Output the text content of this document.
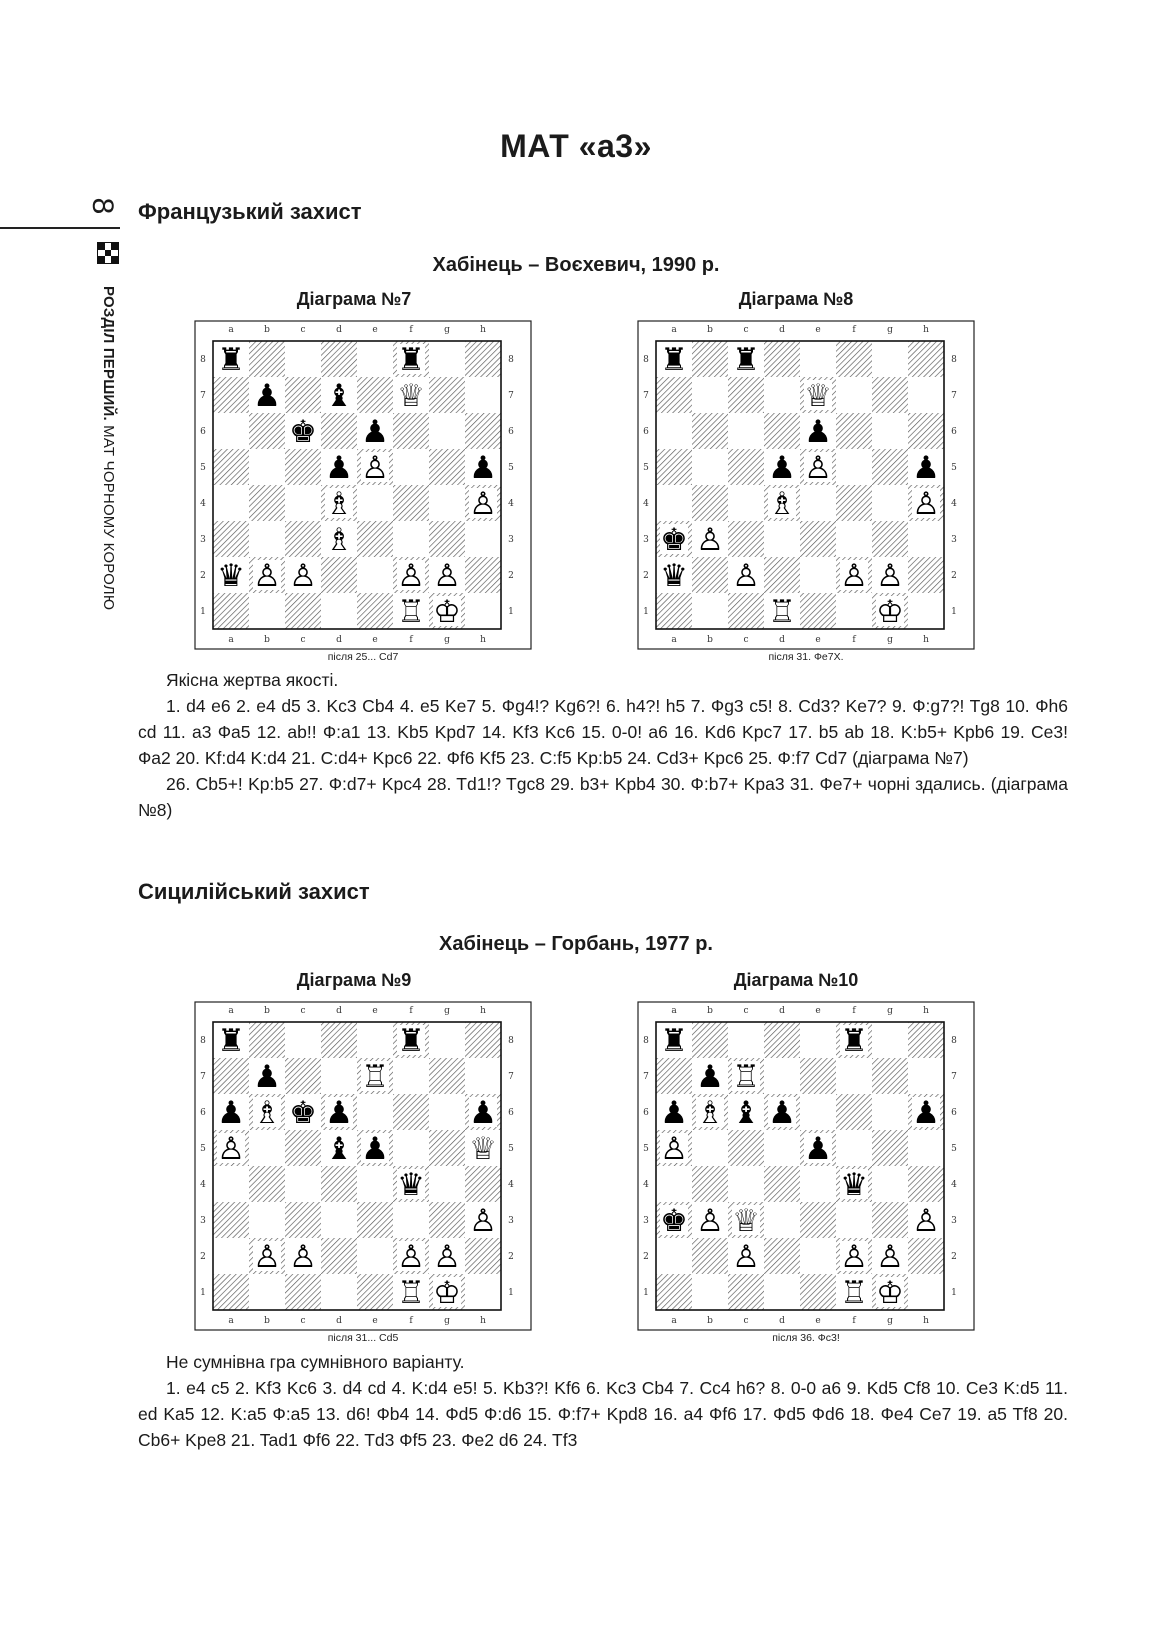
МАТ «a3»
8
РОЗДІЛ ПЕРШИЙ. МАТ ЧОРНОМУ КОРОЛЮ
Французький захист
Хабінець – Воєхевич, 1990 р.
Діаграма №7	Діаграма №8
a
a
b
b
c
c
d
d
e
e
f
f
g
g
h
h
8	8
7	7
6	6
5	5
4	4
3	3
2	2
1	1
♜	♜
♟ ♝ ♕
♚ ♟
♟ ♙	♟
♗	♙
♗
♛ ♙ ♙	♙ ♙
♖ ♔
після 25... Cd7
a
a
b
b
c
c
d
d
e
e
f
f
g
g
h
h
8	8
7	7
6	6
5	5
4	4
3	3
2	2
1	1
♜ ♜
♕
♟
♟ ♙	♟
♗	♙
♚ ♙
♛ ♙	♙ ♙
♖	♔
після 31. Фe7X.

Якісна жертва якості.

1. d4 e6 2. e4 d5 3. Kc3 Cb4 4. e5 Ke7 5. Фg4!? Kg6?! 6. h4?! h5 7. Фg3 c5! 8. Cd3? Ke7? 9. Ф:g7?! Tg8 10. Фh6 cd 11. a3 Фa5 12. ab!! Ф:a1 13. Kb5 Kpd7 14. Kf3 Kc6 15. 0-0! a6 16. Kd6 Kpc7 17. b5 ab 18. K:b5+ Kpb6 19. Ce3! Фa2 20. Kf:d4 K:d4 21. C:d4+ Kpc6 22. Фf6 Kf5 23. C:f5 Kp:b5 24. Cd3+ Kpc6 25. Ф:f7 Cd7 (діаграма №7)

26. Cb5+! Kp:b5 27. Ф:d7+ Kpc4 28. Td1!? Tgc8 29. b3+ Kpb4 30. Ф:b7+ Kpa3 31. Фe7+ чорні здались. (діаграма №8)

Сицилійський захист
Хабінець – Горбань, 1977 р.
Діаграма №9	Діаграма №10
a
a
b
b
c
c
d
d
e
e
f
f
g
g
h
h
8	8
7	7
6	6
5	5
4	4
3	3
2	2
1	1
♜	♜
♟	♖
♟ ♗ ♚ ♟	♟
♙	♝ ♟	♕
♛
♙
♙ ♙	♙ ♙
♖ ♔
після 31... Cd5
a
a
b
b
c
c
d
d
e
e
f
f
g
g
h
h
8	8
7	7
6	6
5	5
4	4
3	3
2	2
1	1
♜	♜
♟ ♖
♟ ♗ ♝ ♟	♟
♙	♟
♛
♚ ♙ ♕	♙
♙	♙ ♙
♖ ♔
після 36. Фc3!

Не сумнівна гра сумнівного варіанту.

1. e4 c5 2. Kf3 Kc6 3. d4 cd 4. K:d4 e5! 5. Kb3?! Kf6 6. Kc3 Cb4 7. Cc4 h6? 8. 0-0 a6 9. Kd5 Cf8 10. Ce3 K:d5 11. ed Ka5 12. K:a5 Ф:a5 13. d6! Фb4 14. Фd5 Ф:d6 15. Ф:f7+ Kpd8 16. a4 Фf6 17. Фd5 Фd6 18. Фe4 Ce7 19. a5 Tf8 20. Cb6+ Kpe8 21. Tad1 Фf6 22. Td3 Фf5 23. Фe2 d6 24. Tf3
